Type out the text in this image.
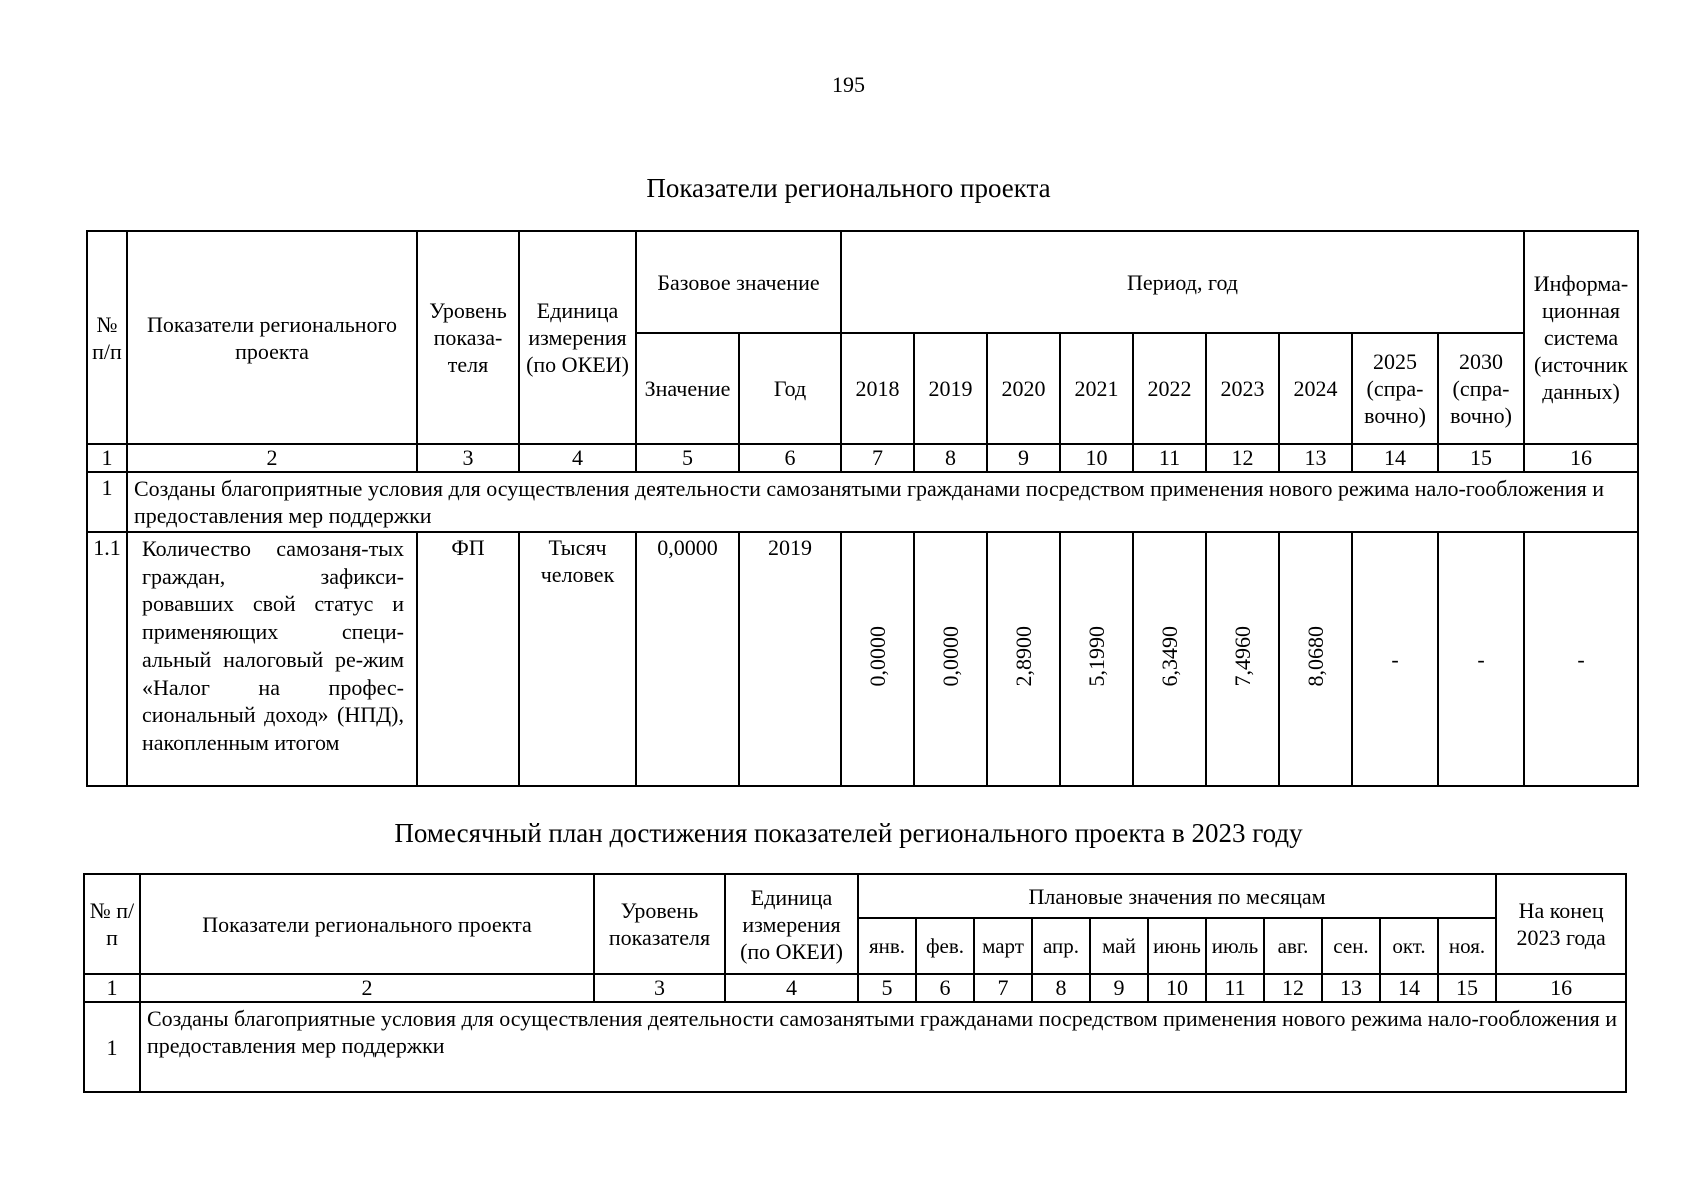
195
Показатели регионального проекта
№ п/п	Показатели регионального проекта	Уровень показа-теля	Единица измерения (по ОКЕИ)	Базовое значение		Период, год									Информа-ционная система (источник данных)
				Значение	Год	2018	2019	2020	2021	2022	2023	2024	2025 (спра-вочно)	2030 (спра-вочно)	
1	2	3	4	5	6	7	8	9	10	11	12	13	14	15	16
1	Созданы благоприятные условия для осуществления деятельности самозанятыми гражданами посредством применения нового режима нало-гообложения и предоставления мер поддержки														
1.1	Количество самозаня-тых граждан, зафикси-ровавших свой статус и применяющих специ-альный налоговый ре-жим «Налог на профес-сиональный доход» (НПД), накопленным итогом	ФП	Тысяч человек	0,0000	2019	0,0000	0,0000	2,8900	5,1990	6,3490	7,4960	8,0680	-	-	-
Помесячный план достижения показателей регионального проекта в 2023 году
№ п/п	Показатели регионального проекта	Уровень показателя	Единица измерения (по ОКЕИ)	Плановые значения по месяцам											На конец 2023 года
				янв.	фев.	март	апр.	май	июнь	июль	авг.	сен.	окт.	ноя.	
1	2	3	4	5	6	7	8	9	10	11	12	13	14	15	16
1	Созданы благоприятные условия для осуществления деятельности самозанятыми гражданами посредством применения нового режима нало-гообложения и предоставления мер поддержки														
